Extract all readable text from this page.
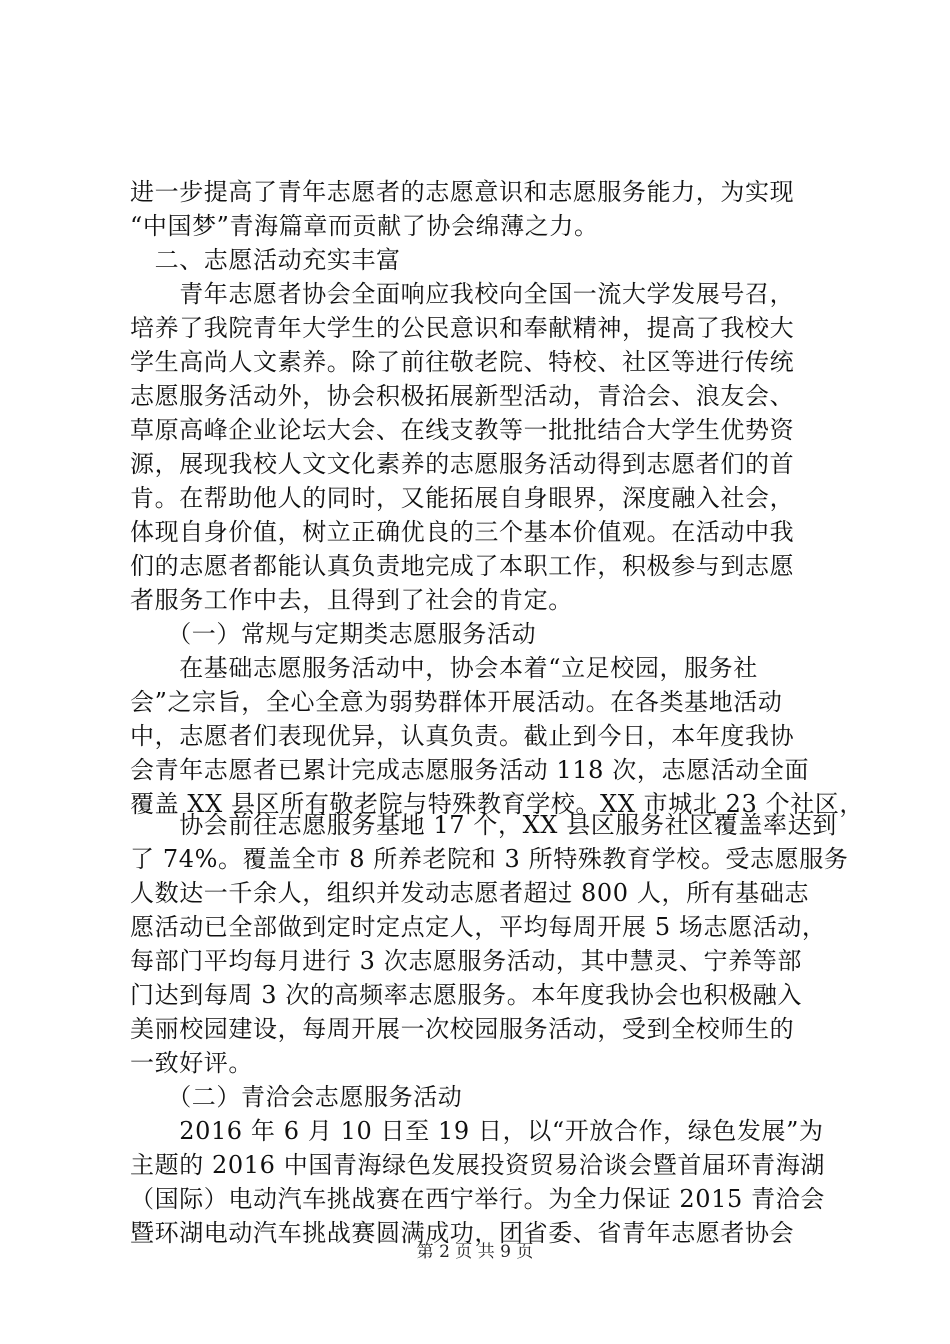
进一步提高了青年志愿者的志愿意识和志愿服务能力，为实现
“中国梦”青海篇章而贡献了协会绵薄之力。
　二、志愿活动充实丰富
　　青年志愿者协会全面响应我校向全国一流大学发展号召，
培养了我院青年大学生的公民意识和奉献精神，提高了我校大
学生高尚人文素养。除了前往敬老院、特校、社区等进行传统
志愿服务活动外，协会积极拓展新型活动，青洽会、浪友会、
草原高峰企业论坛大会、在线支教等一批批结合大学生优势资
源，展现我校人文文化素养的志愿服务活动得到志愿者们的首
肯。在帮助他人的同时，又能拓展自身眼界，深度融入社会，
体现自身价值，树立正确优良的三个基本价值观。在活动中我
们的志愿者都能认真负责地完成了本职工作，积极参与到志愿
者服务工作中去，且得到了社会的肯定。
　　（一）常规与定期类志愿服务活动
　　在基础志愿服务活动中，协会本着“立足校园，服务社
会”之宗旨，全心全意为弱势群体开展活动。在各类基地活动
中，志愿者们表现优异，认真负责。截止到今日，本年度我协
会青年志愿者已累计完成志愿服务活动 118 次，志愿活动全面
覆盖 XX 县区所有敬老院与特殊教育学校。XX 市城北 23 个社区，
　　协会前往志愿服务基地 17 个，XX 县区服务社区覆盖率达到
了 74%。覆盖全市 8 所养老院和 3 所特殊教育学校。受志愿服务
人数达一千余人，组织并发动志愿者超过 800 人，所有基础志
愿活动已全部做到定时定点定人，平均每周开展 5 场志愿活动，
每部门平均每月进行 3 次志愿服务活动，其中慧灵、宁养等部
门达到每周 3 次的高频率志愿服务。本年度我协会也积极融入
美丽校园建设，每周开展一次校园服务活动，受到全校师生的
一致好评。
　　（二）青洽会志愿服务活动
　　2016 年 6 月 10 日至 19 日，以“开放合作，绿色发展”为
主题的 2016 中国青海绿色发展投资贸易洽谈会暨首届环青海湖
第 2 页 共 9 页
（国际）电动汽车挑战赛在西宁举行。为全力保证 2015 青洽会
暨环湖电动汽车挑战赛圆满成功，团省委、省青年志愿者协会
